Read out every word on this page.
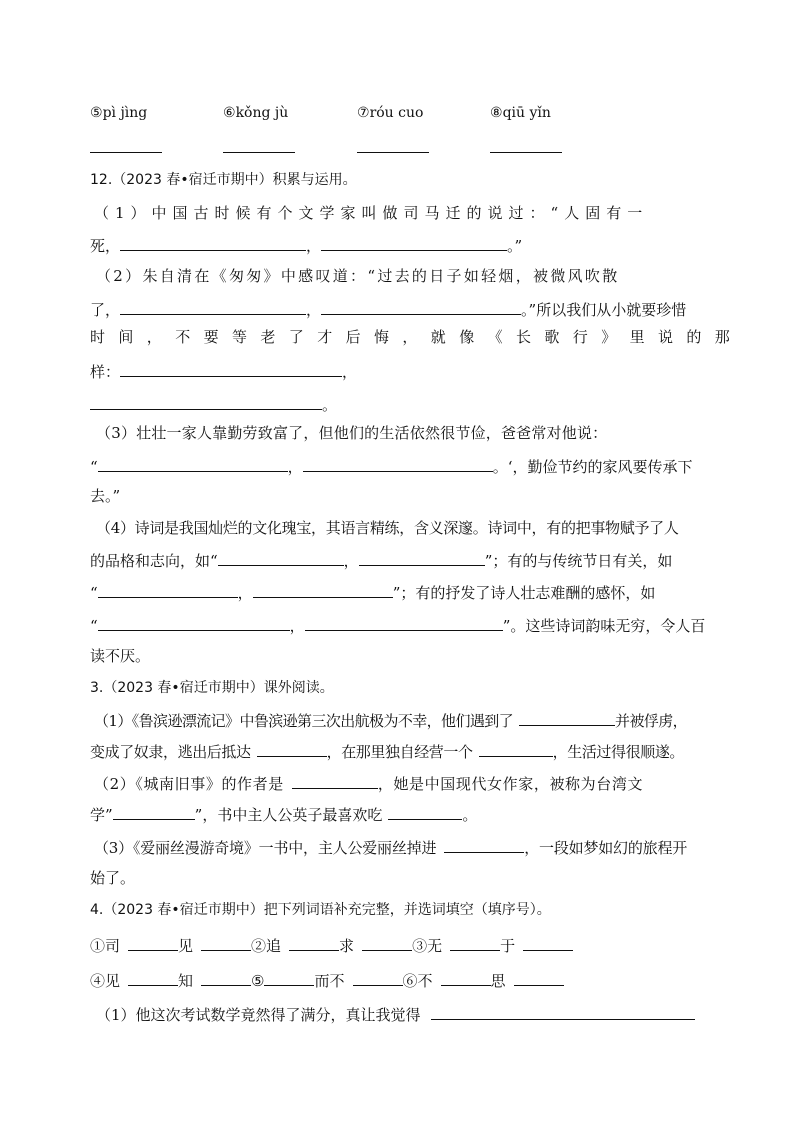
⑤pì jìng	⑥kǒng jù	⑦róu cuo	⑧qiū yǐn
12.（2023 春•宿迁市期中）积累与运用。
（1）中国古时候有个文学家叫做司马迁的说过：“人固有一
死，	，	。”
（2）朱自清在《匆匆》中感叹道：“过去的日子如轻烟，被微风吹散
了，	，	。”所以我们从小就要珍惜
时间，不要等老了才后悔，就像《长歌行》里说的那
样：	，
。
（3）壮壮一家人靠勤劳致富了，但他们的生活依然很节俭，爸爸常对他说：
“	，	。‘，勤俭节约的家风要传承下
去。”
（4）诗词是我国灿烂的文化瑰宝，其语言精练，含义深邃。诗词中，有的把事物赋予了人
的品格和志向，如“	，	”；有的与传统节日有关，如
“	，	”；有的抒发了诗人壮志难酬的感怀，如
“	，	”。这些诗词韵味无穷，令人百
读不厌。
3.（2023 春•宿迁市期中）课外阅读。
（1）《鲁滨逊漂流记》中鲁滨逊第三次出航极为不幸，他们遇到了	并被俘虏，
变成了奴隶，逃出后抵达	，在那里独自经营一个	，生活过得很顺遂。
（2）《城南旧事》的作者是	，她是中国现代女作家，被称为台湾文
学”	”，书中主人公英子最喜欢吃	。
（3）《爱丽丝漫游奇境》一书中，主人公爱丽丝掉进	，一段如梦如幻的旅程开
始了。
4.（2023 春•宿迁市期中）把下列词语补充完整，并选词填空（填序号）。
①司	见	②追	求	③无	于
④见	知	⑤	而不	⑥不	思
（1）他这次考试数学竟然得了满分，真让我觉得
